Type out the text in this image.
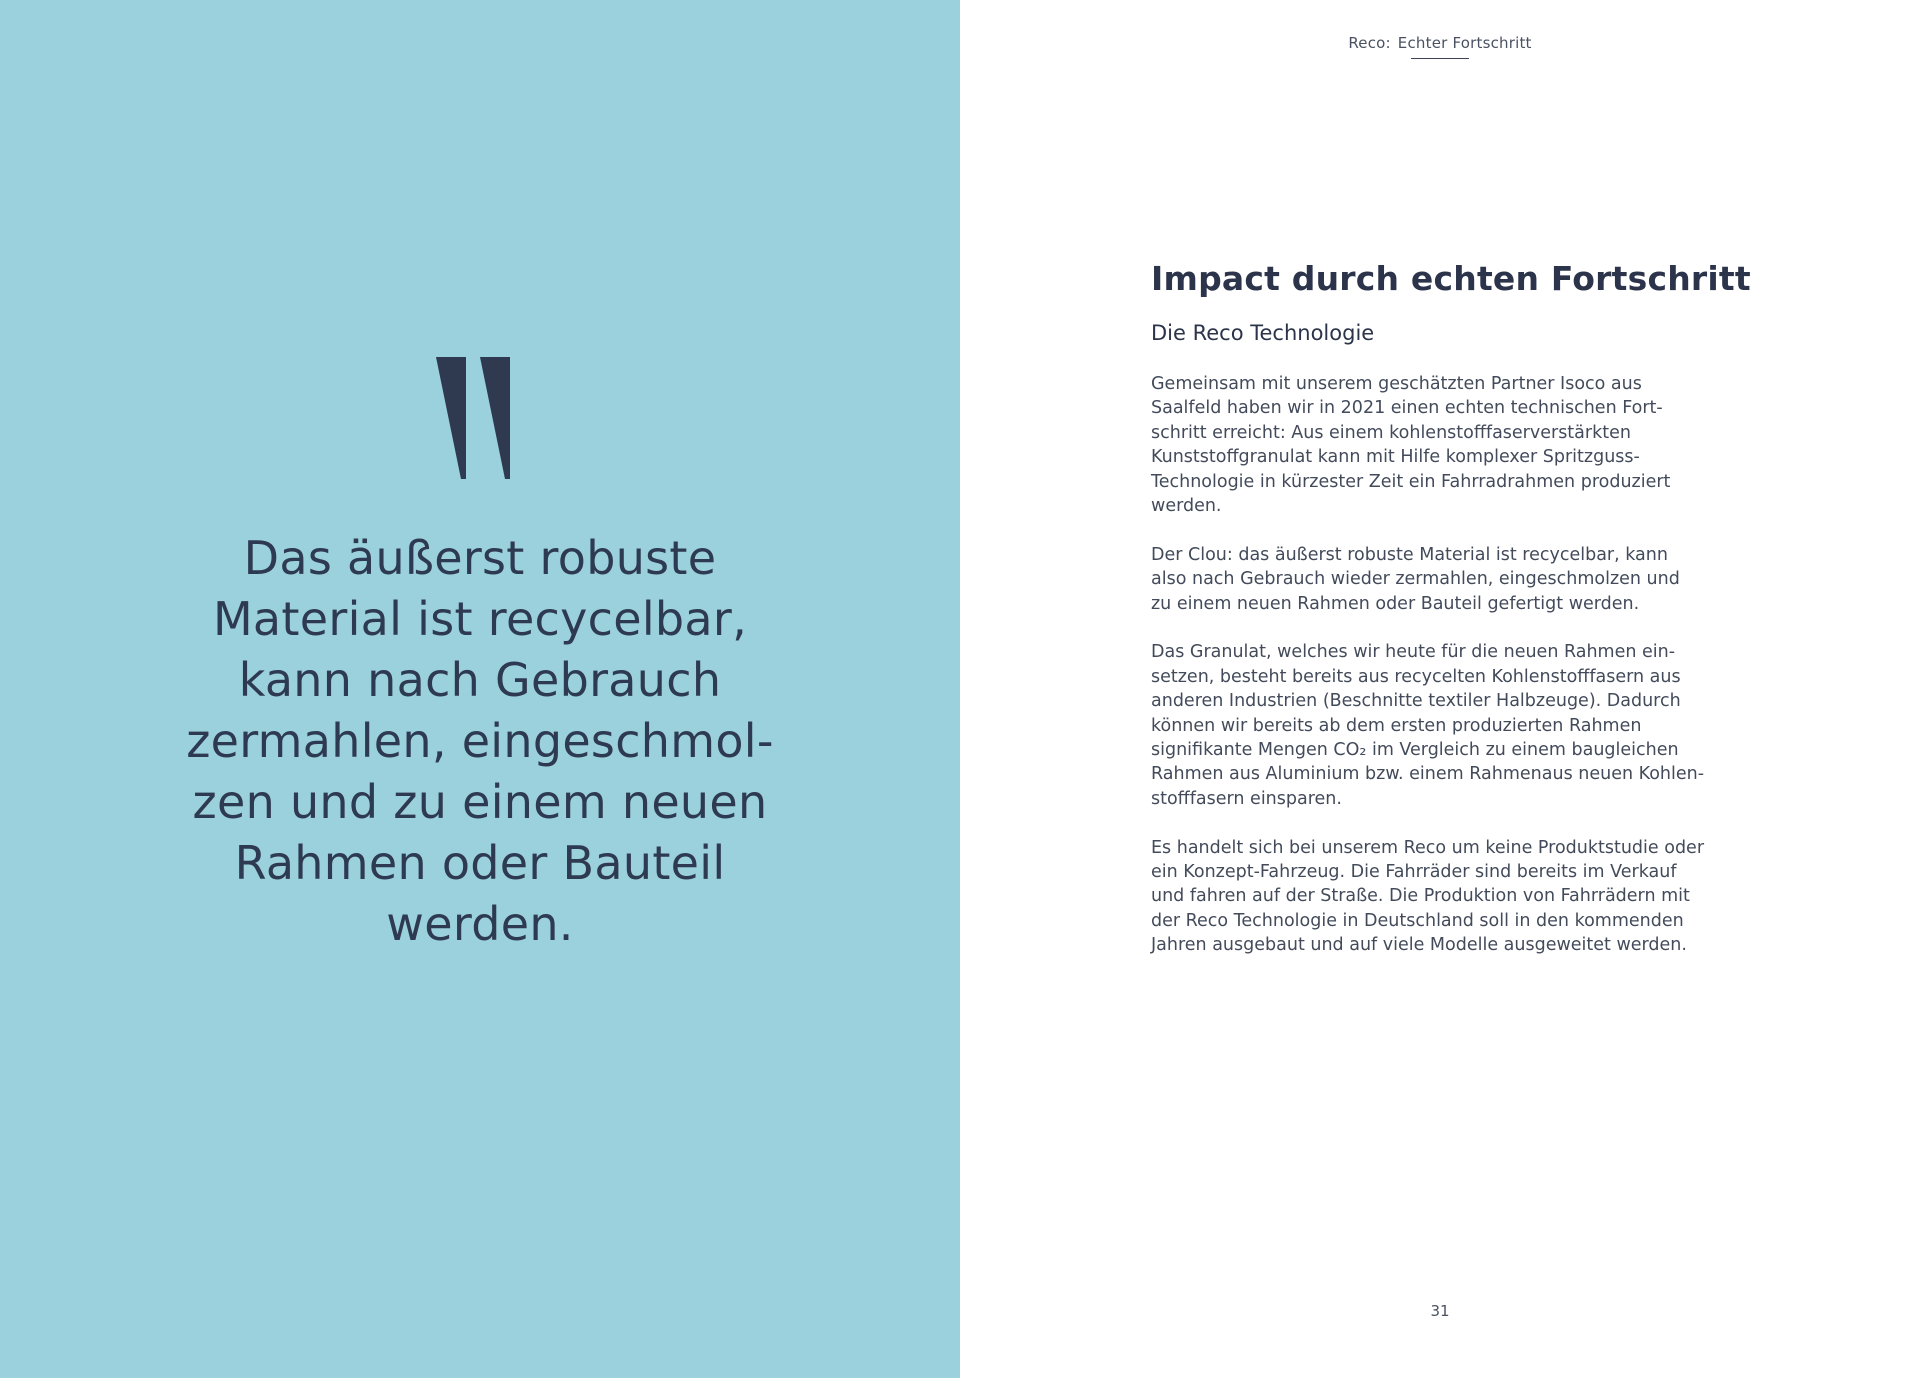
Das äußerst robuste
Material ist recycelbar,
kann nach Gebrauch
zermahlen, eingeschmol-
zen und zu einem neuen
Rahmen oder Bauteil
werden.

Reco: Echter Fortschritt
Impact durch echten Fortschritt
Die Reco Technologie

Gemeinsam mit unserem geschätzten Partner Isoco aus
Saalfeld haben wir in 2021 einen echten technischen Fort-
schritt erreicht: Aus einem kohlenstofffaserverstärkten
Kunststoffgranulat kann mit Hilfe komplexer Spritzguss-
Technologie in kürzester Zeit ein Fahrradrahmen produziert
werden.

Der Clou: das äußerst robuste Material ist recycelbar, kann
also nach Gebrauch wieder zermahlen, eingeschmolzen und
zu einem neuen Rahmen oder Bauteil gefertigt werden.

Das Granulat, welches wir heute für die neuen Rahmen ein-
setzen, besteht bereits aus recycelten Kohlenstofffasern aus
anderen Industrien (Beschnitte textiler Halbzeuge). Dadurch
können wir bereits ab dem ersten produzierten Rahmen
signifikante Mengen CO₂ im Vergleich zu einem baugleichen
Rahmen aus Aluminium bzw. einem Rahmenaus neuen Kohlen-
stofffasern einsparen.

Es handelt sich bei unserem Reco um keine Produktstudie oder
ein Konzept-Fahrzeug. Die Fahrräder sind bereits im Verkauf
und fahren auf der Straße. Die Produktion von Fahrrädern mit
der Reco Technologie in Deutschland soll in den kommenden
Jahren ausgebaut und auf viele Modelle ausgeweitet werden.

31
